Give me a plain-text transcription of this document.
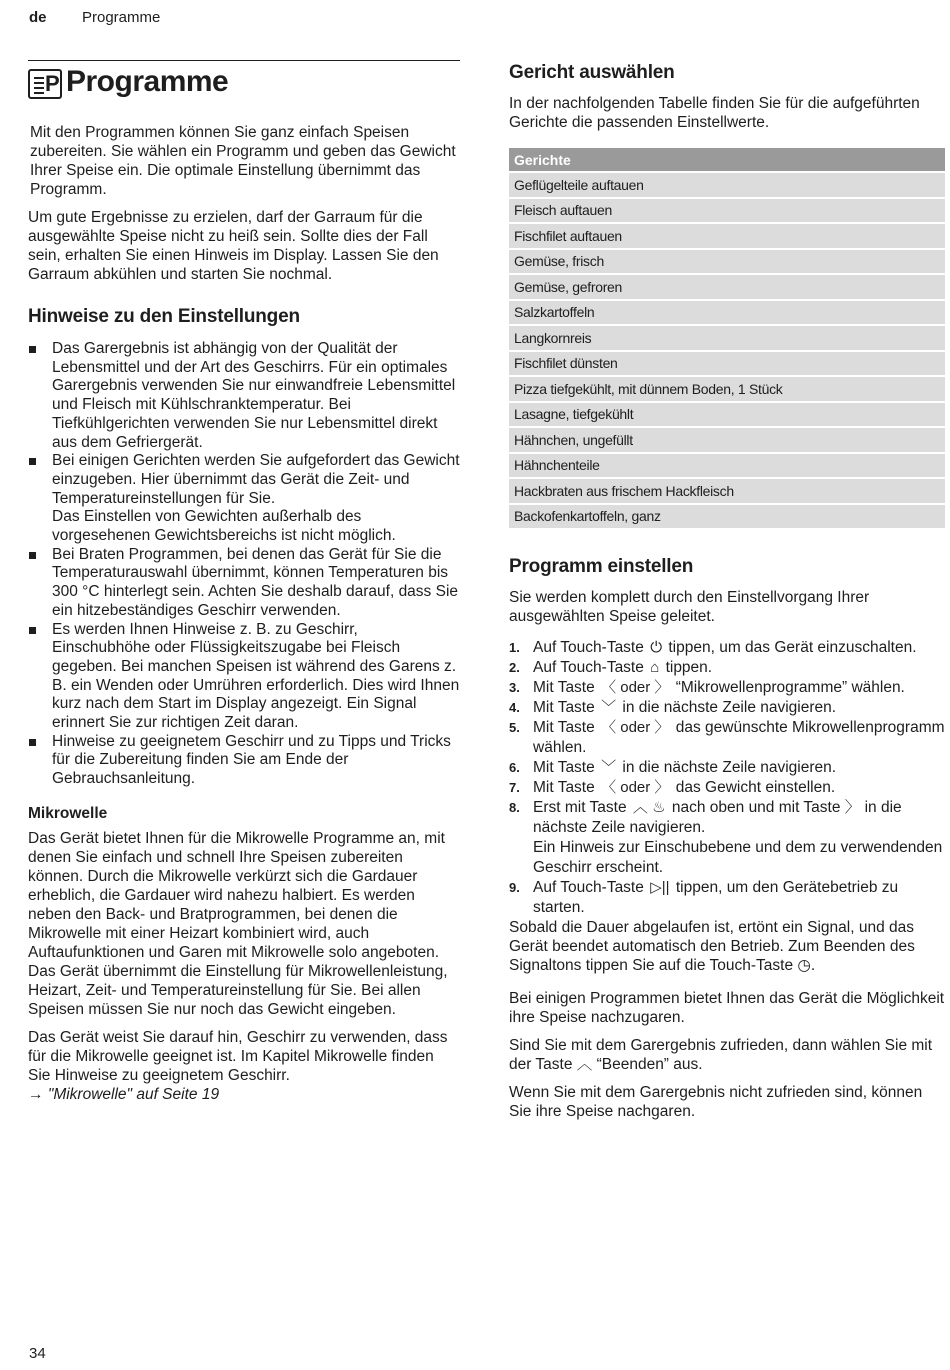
de Programme
P Programme

Mit den Programmen können Sie ganz einfach Speisen zubereiten. Sie wählen ein Programm und geben das Gewicht Ihrer Speise ein. Die optimale Einstellung übernimmt das Programm.

Um gute Ergebnisse zu erzielen, darf der Garraum für die ausgewählte Speise nicht zu heiß sein. Sollte dies der Fall sein, erhalten Sie einen Hinweis im Display. Lassen Sie den Garraum abkühlen und starten Sie nochmal.

Hinweise zu den Einstellungen
Das Garergebnis ist abhängig von der Qualität der Lebensmittel und der Art des Geschirrs. Für ein optimales Garergebnis verwenden Sie nur einwandfreie Lebensmittel und Fleisch mit Kühlschranktemperatur. Bei Tiefkühlgerichten verwenden Sie nur Lebensmittel direkt aus dem Gefriergerät.
Bei einigen Gerichten werden Sie aufgefordert das Gewicht einzugeben. Hier übernimmt das Gerät die Zeit- und Temperatureinstellungen für Sie.
Das Einstellen von Gewichten außerhalb des vorgesehenen Gewichtsbereichs ist nicht möglich.
Bei Braten Programmen, bei denen das Gerät für Sie die Temperaturauswahl übernimmt, können Temperaturen bis 300 °C hinterlegt sein. Achten Sie deshalb darauf, dass Sie ein hitzebeständiges Geschirr verwenden.
Es werden Ihnen Hinweise z. B. zu Geschirr, Einschubhöhe oder Flüssigkeitszugabe bei Fleisch gegeben. Bei manchen Speisen ist während des Garens z. B. ein Wenden oder Umrühren erforderlich. Dies wird Ihnen kurz nach dem Start im Display angezeigt. Ein Signal erinnert Sie zur richtigen Zeit daran.
Hinweise zu geeignetem Geschirr und zu Tipps und Tricks für die Zubereitung finden Sie am Ende der Gebrauchsanleitung.
Mikrowelle

Das Gerät bietet Ihnen für die Mikrowelle Programme an, mit denen Sie einfach und schnell Ihre Speisen zubereiten können. Durch die Mikrowelle verkürzt sich die Gardauer erheblich, die Gardauer wird nahezu halbiert. Es werden neben den Back- und Bratprogrammen, bei denen die Mikrowelle mit einer Heizart kombiniert wird, auch Auftaufunktionen und Garen mit Mikrowelle solo angeboten.

Das Gerät übernimmt die Einstellung für Mikrowellenleistung, Heizart, Zeit- und Temperatureinstellung für Sie. Bei allen Speisen müssen Sie nur noch das Gewicht eingeben.

Das Gerät weist Sie darauf hin, Geschirr zu verwenden, dass für die Mikrowelle geeignet ist. Im Kapitel Mikrowelle finden Sie Hinweise zu geeignetem Geschirr.
→ "Mikrowelle" auf Seite 19

Gericht auswählen

In der nachfolgenden Tabelle finden Sie für die aufgeführten Gerichte die passenden Einstellwerte.

Gerichte
Geflügelteile auftauen
Fleisch auftauen
Fischfilet auftauen
Gemüse, frisch
Gemüse, gefroren
Salzkartoffeln
Langkornreis
Fischfilet dünsten
Pizza tiefgekühlt, mit dünnem Boden, 1 Stück
Lasagne, tiefgekühlt
Hähnchen, ungefüllt
Hähnchenteile
Hackbraten aus frischem Hackfleisch
Backofenkartoffeln, ganz
Programm einstellen

Sie werden komplett durch den Einstellvorgang Ihrer ausgewählten Speise geleitet.

1. Auf Touch-Taste ⏻ tippen, um das Gerät einzuschalten.
2. Auf Touch-Taste ⌂ tippen.
3. Mit Taste 〈 oder 〉 “Mikrowellenprogramme” wählen.
4. Mit Taste ﹀ in die nächste Zeile navigieren.
5. Mit Taste 〈 oder 〉 das gewünschte Mikrowellenprogramm wählen.
6. Mit Taste ﹀ in die nächste Zeile navigieren.
7. Mit Taste 〈 oder 〉 das Gewicht einstellen.
8. Erst mit Taste ︿ ♨ nach oben und mit Taste 〉 in die nächste Zeile navigieren.
Ein Hinweis zur Einschubebene und dem zu verwendenden Geschirr erscheint.
9. Auf Touch-Taste ▷|| tippen, um den Gerätebetrieb zu starten.

Sobald die Dauer abgelaufen ist, ertönt ein Signal, und das Gerät beendet automatisch den Betrieb. Zum Beenden des Signaltons tippen Sie auf die Touch-Taste ◷.

Bei einigen Programmen bietet Ihnen das Gerät die Möglichkeit ihre Speise nachzugaren.

Sind Sie mit dem Garergebnis zufrieden, dann wählen Sie mit der Taste ︿ “Beenden” aus.

Wenn Sie mit dem Garergebnis nicht zufrieden sind, können Sie ihre Speise nachgaren.

34
